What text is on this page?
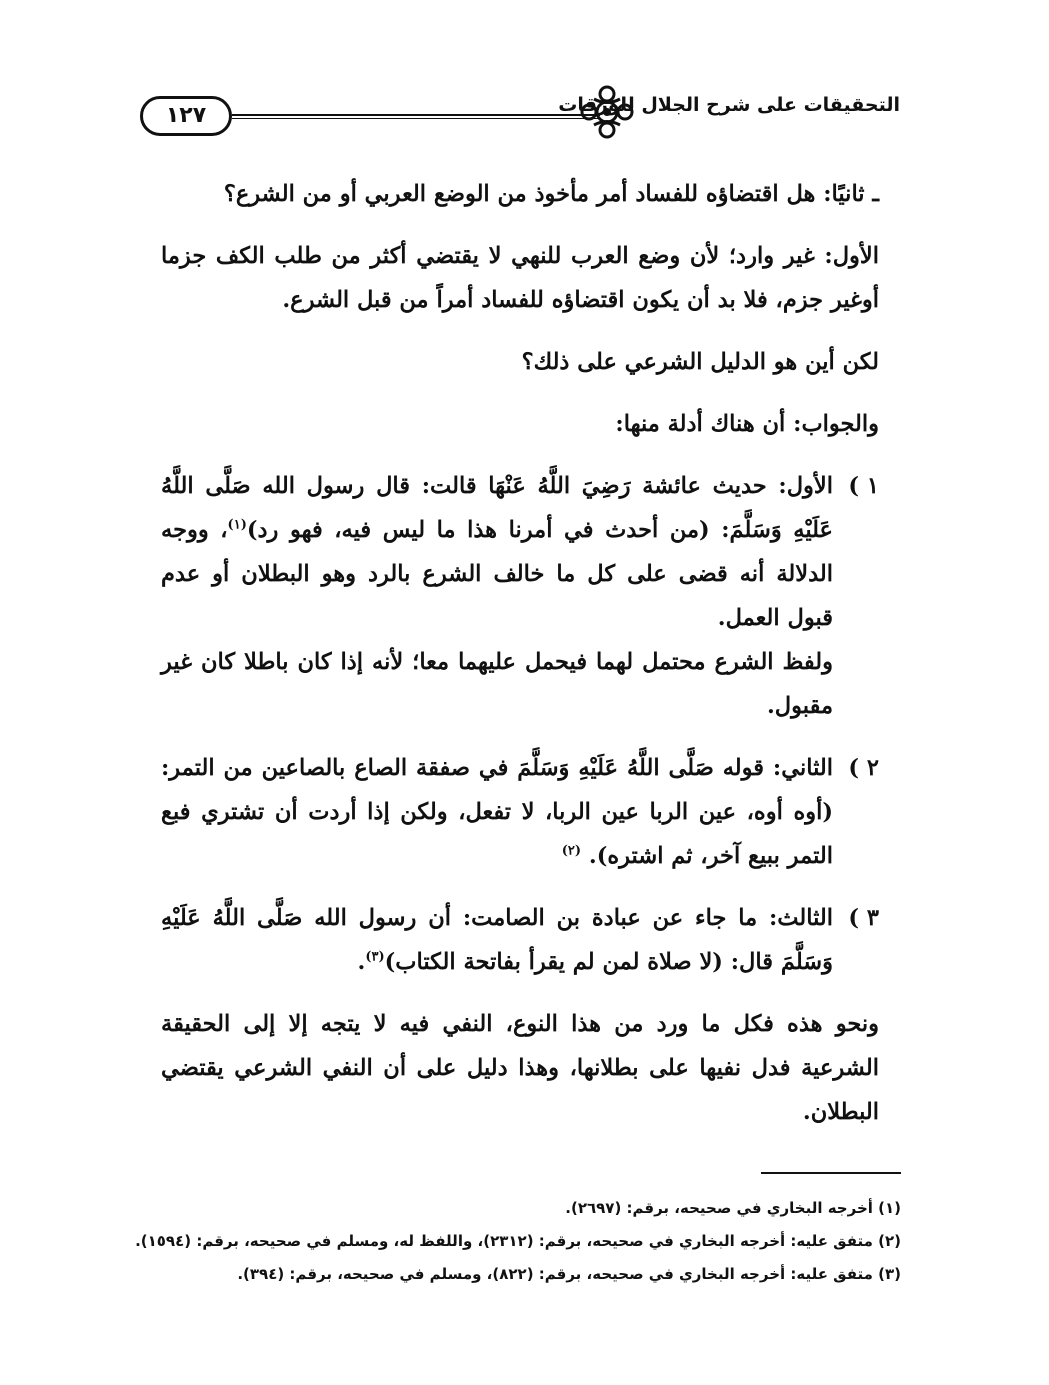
١٢٧	التحقيقات على شرح الجلال للورقات

ـ ثانيًا: هل اقتضاؤه للفساد أمر مأخوذ من الوضع العربي أو من الشرع؟

الأول: غير وارد؛ لأن وضع العرب للنهي لا يقتضي أكثر من طلب الكف جزما أوغير جزم، فلا بد أن يكون اقتضاؤه للفساد أمراً من قبل الشرع.

لكن أين هو الدليل الشرعي على ذلك؟

والجواب: أن هناك أدلة منها:

١ )

الأول: حديث عائشة رَضِيَ اللَّهُ عَنْهَا قالت: قال رسول الله صَلَّى اللَّهُ عَلَيْهِ وَسَلَّمَ: (من أحدث في أمرنا هذا ما ليس فيه، فهو رد)$^{(١)}$، ووجه الدلالة أنه قضى على كل ما خالف الشرع بالرد وهو البطلان أو عدم قبول العمل.

ولفظ الشرع محتمل لهما فيحمل عليهما معا؛ لأنه إذا كان باطلا كان غير مقبول.

٢ )

الثاني: قوله صَلَّى اللَّهُ عَلَيْهِ وَسَلَّمَ في صفقة الصاع بالصاعين من التمر: (أوه أوه، عين الربا عين الربا، لا تفعل، ولكن إذا أردت أن تشتري فبع التمر ببيع آخر، ثم اشتره). $^{(٢)}$

٣ )

الثالث: ما جاء عن عبادة بن الصامت: أن رسول الله صَلَّى اللَّهُ عَلَيْهِ وَسَلَّمَ قال: (لا صلاة لمن لم يقرأ بفاتحة الكتاب)$^{(٣)}$.

ونحو هذه فكل ما ورد من هذا النوع، النفي فيه لا يتجه إلا إلى الحقيقة الشرعية فدل نفيها على بطلانها، وهذا دليل على أن النفي الشرعي يقتضي البطلان.

(١) أخرجه البخاري في صحيحه، برقم: (٢٦٩٧).
(٢) متفق عليه: أخرجه البخاري في صحيحه، برقم: (٢٣١٢)، واللفظ له، ومسلم في صحيحه، برقم: (١٥٩٤).
(٣) متفق عليه: أخرجه البخاري في صحيحه، برقم: (٨٢٢)، ومسلم في صحيحه، برقم: (٣٩٤).
